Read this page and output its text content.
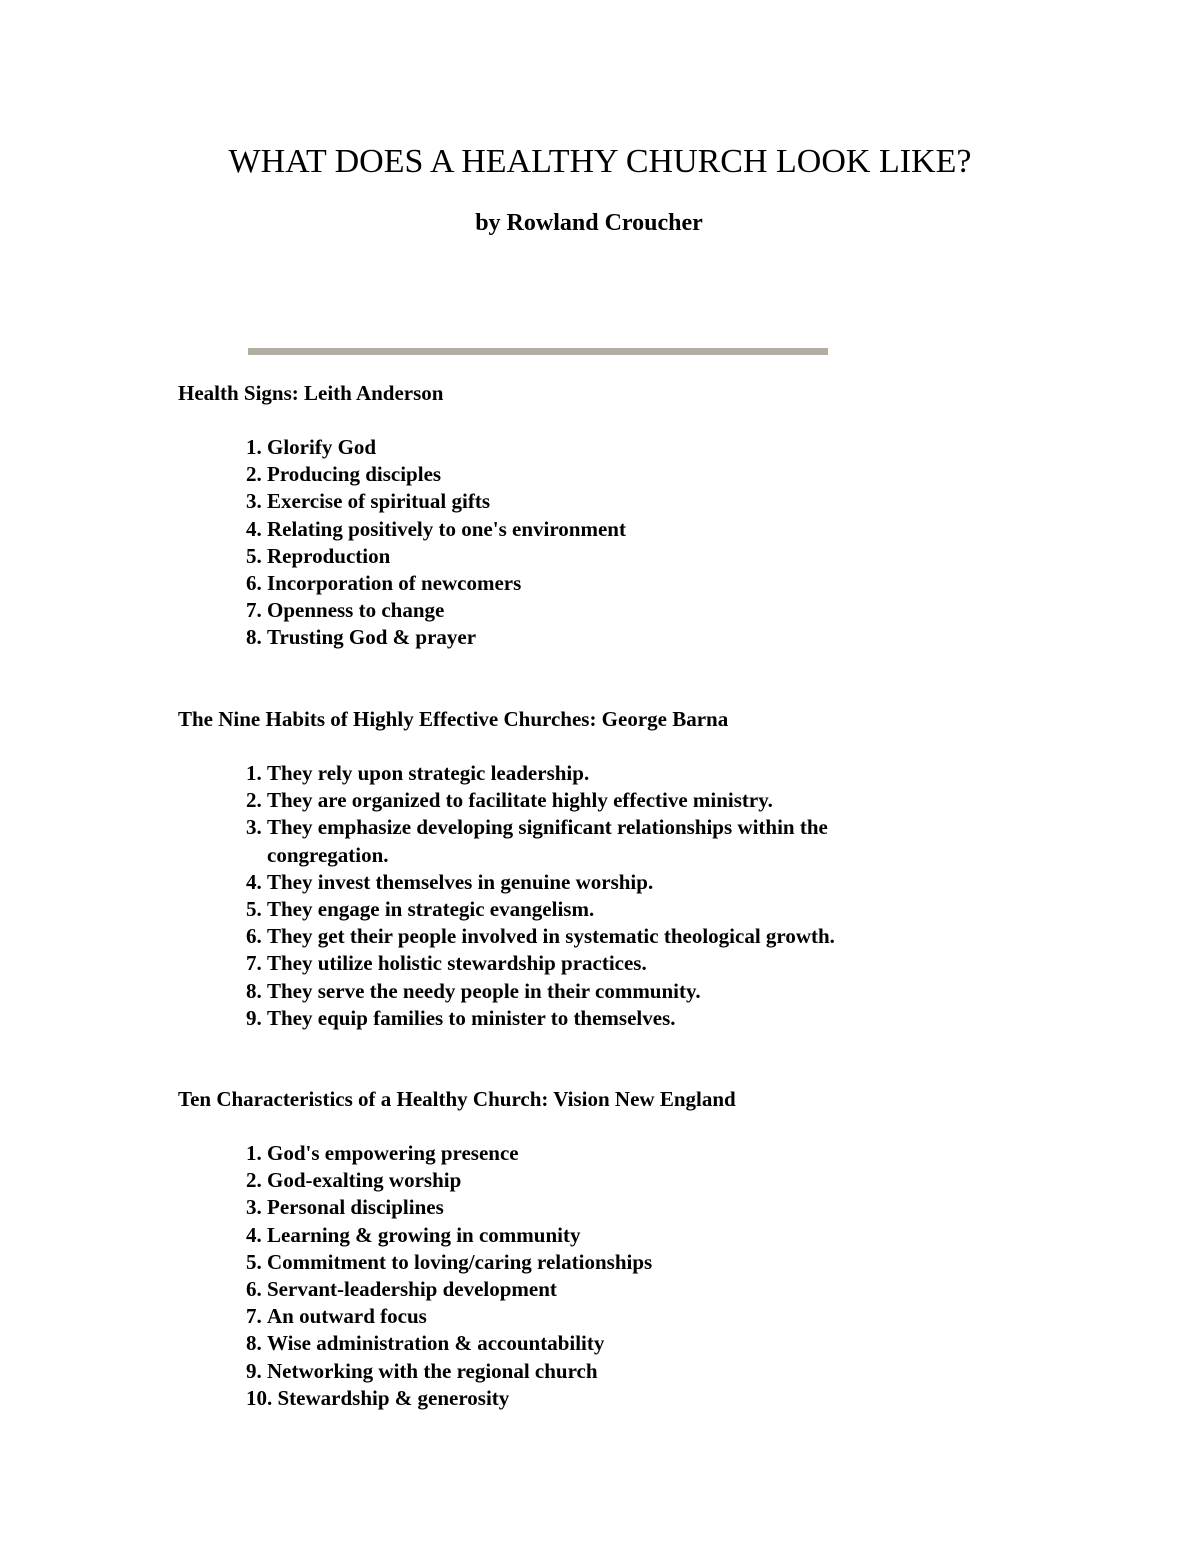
WHAT DOES A HEALTHY CHURCH LOOK LIKE?

by Rowland Croucher

Health Signs: Leith Anderson
1. Glorify God
2. Producing disciples
3. Exercise of spiritual gifts
4. Relating positively to one's environment
5. Reproduction
6. Incorporation of newcomers
7. Openness to change
8. Trusting God & prayer
The Nine Habits of Highly Effective Churches: George Barna
1. They rely upon strategic leadership.
2. They are organized to facilitate highly effective ministry.
3. They emphasize developing significant relationships within the congregation.
4. They invest themselves in genuine worship.
5. They engage in strategic evangelism.
6. They get their people involved in systematic theological growth.
7. They utilize holistic stewardship practices.
8. They serve the needy people in their community.
9. They equip families to minister to themselves.
Ten Characteristics of a Healthy Church: Vision New England
1. God's empowering presence
2. God-exalting worship
3. Personal disciplines
4. Learning & growing in community
5. Commitment to loving/caring relationships
6. Servant-leadership development
7. An outward focus
8. Wise administration & accountability
9. Networking with the regional church
10. Stewardship & generosity
